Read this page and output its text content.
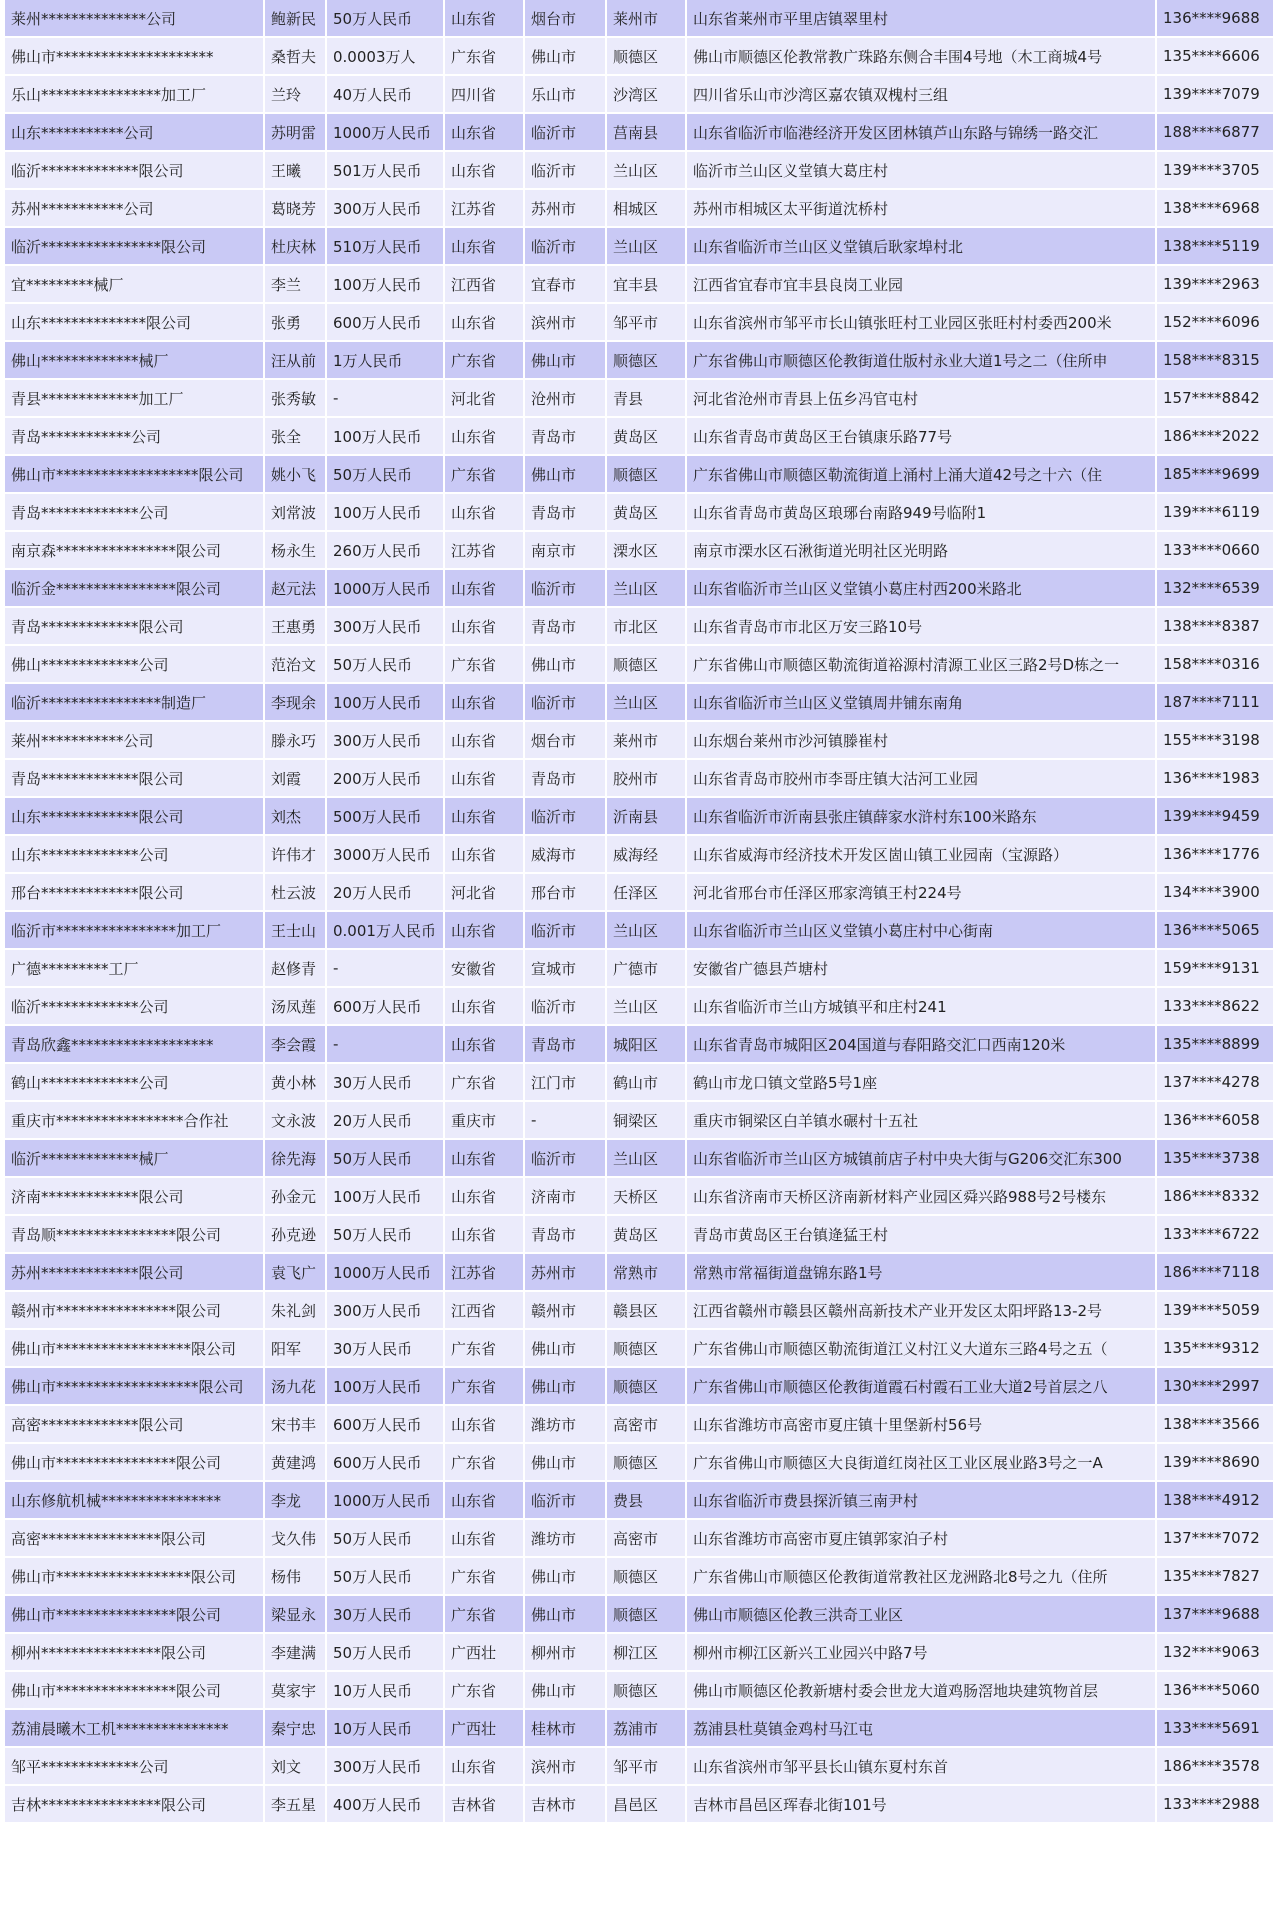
莱州**************公司	鲍新民	50万人民币	山东省	烟台市	莱州市	山东省莱州市平里店镇翠里村	136****9688
佛山市*********************	桑哲夫	0.0003万人	广东省	佛山市	顺德区	佛山市顺德区伦教常教广珠路东侧合丰围4号地（木工商城4号	135****6606
乐山****************加工厂	兰玲	40万人民币	四川省	乐山市	沙湾区	四川省乐山市沙湾区嘉农镇双槐村三组	139****7079
山东***********公司	苏明雷	1000万人民币	山东省	临沂市	莒南县	山东省临沂市临港经济开发区团林镇芦山东路与锦绣一路交汇	188****6877
临沂*************限公司	王曦	501万人民币	山东省	临沂市	兰山区	临沂市兰山区义堂镇大葛庄村	139****3705
苏州***********公司	葛晓芳	300万人民币	江苏省	苏州市	相城区	苏州市相城区太平街道沈桥村	138****6968
临沂****************限公司	杜庆林	510万人民币	山东省	临沂市	兰山区	山东省临沂市兰山区义堂镇后耿家埠村北	138****5119
宜*********械厂	李兰	100万人民币	江西省	宜春市	宜丰县	江西省宜春市宜丰县良岗工业园	139****2963
山东**************限公司	张勇	600万人民币	山东省	滨州市	邹平市	山东省滨州市邹平市长山镇张旺村工业园区张旺村村委西200米	152****6096
佛山*************械厂	汪从前	1万人民币	广东省	佛山市	顺德区	广东省佛山市顺德区伦教街道仕版村永业大道1号之二（住所申	158****8315
青县*************加工厂	张秀敏	-	河北省	沧州市	青县	河北省沧州市青县上伍乡冯官屯村	157****8842
青岛************公司	张全	100万人民币	山东省	青岛市	黄岛区	山东省青岛市黄岛区王台镇康乐路77号	186****2022
佛山市*******************限公司	姚小飞	50万人民币	广东省	佛山市	顺德区	广东省佛山市顺德区勒流街道上涌村上涌大道42号之十六（住	185****9699
青岛*************公司	刘常波	100万人民币	山东省	青岛市	黄岛区	山东省青岛市黄岛区琅琊台南路949号临附1	139****6119
南京森****************限公司	杨永生	260万人民币	江苏省	南京市	溧水区	南京市溧水区石湫街道光明社区光明路	133****0660
临沂金****************限公司	赵元法	1000万人民币	山东省	临沂市	兰山区	山东省临沂市兰山区义堂镇小葛庄村西200米路北	132****6539
青岛*************限公司	王惠勇	300万人民币	山东省	青岛市	市北区	山东省青岛市市北区万安三路10号	138****8387
佛山*************公司	范治文	50万人民币	广东省	佛山市	顺德区	广东省佛山市顺德区勒流街道裕源村清源工业区三路2号D栋之一	158****0316
临沂****************制造厂	李现余	100万人民币	山东省	临沂市	兰山区	山东省临沂市兰山区义堂镇周井铺东南角	187****7111
莱州***********公司	滕永巧	300万人民币	山东省	烟台市	莱州市	山东烟台莱州市沙河镇滕崔村	155****3198
青岛*************限公司	刘霞	200万人民币	山东省	青岛市	胶州市	山东省青岛市胶州市李哥庄镇大沽河工业园	136****1983
山东*************限公司	刘杰	500万人民币	山东省	临沂市	沂南县	山东省临沂市沂南县张庄镇薛家水浒村东100米路东	139****9459
山东*************公司	许伟才	3000万人民币	山东省	威海市	威海经	山东省威海市经济技术开发区崮山镇工业园南（宝源路）	136****1776
邢台*************限公司	杜云波	20万人民币	河北省	邢台市	任泽区	河北省邢台市任泽区邢家湾镇王村224号	134****3900
临沂市****************加工厂	王士山	0.001万人民币	山东省	临沂市	兰山区	山东省临沂市兰山区义堂镇小葛庄村中心街南	136****5065
广德*********工厂	赵修青	-	安徽省	宣城市	广德市	安徽省广德县芦塘村	159****9131
临沂*************公司	汤凤莲	600万人民币	山东省	临沂市	兰山区	山东省临沂市兰山方城镇平和庄村241	133****8622
青岛欣鑫*******************	李会霞	-	山东省	青岛市	城阳区	山东省青岛市城阳区204国道与春阳路交汇口西南120米	135****8899
鹤山*************公司	黄小林	30万人民币	广东省	江门市	鹤山市	鹤山市龙口镇文堂路5号1座	137****4278
重庆市*****************合作社	文永波	20万人民币	重庆市	-	铜梁区	重庆市铜梁区白羊镇水碾村十五社	136****6058
临沂*************械厂	徐先海	50万人民币	山东省	临沂市	兰山区	山东省临沂市兰山区方城镇前店子村中央大街与G206交汇东300	135****3738
济南*************限公司	孙金元	100万人民币	山东省	济南市	天桥区	山东省济南市天桥区济南新材料产业园区舜兴路988号2号楼东	186****8332
青岛顺****************限公司	孙克逊	50万人民币	山东省	青岛市	黄岛区	青岛市黄岛区王台镇逄猛王村	133****6722
苏州*************限公司	袁飞广	1000万人民币	江苏省	苏州市	常熟市	常熟市常福街道盘锦东路1号	186****7118
赣州市****************限公司	朱礼剑	300万人民币	江西省	赣州市	赣县区	江西省赣州市赣县区赣州高新技术产业开发区太阳坪路13-2号	139****5059
佛山市******************限公司	阳军	30万人民币	广东省	佛山市	顺德区	广东省佛山市顺德区勒流街道江义村江义大道东三路4号之五（	135****9312
佛山市*******************限公司	汤九花	100万人民币	广东省	佛山市	顺德区	广东省佛山市顺德区伦教街道霞石村霞石工业大道2号首层之八	130****2997
高密*************限公司	宋书丰	600万人民币	山东省	潍坊市	高密市	山东省潍坊市高密市夏庄镇十里堡新村56号	138****3566
佛山市****************限公司	黄建鸿	600万人民币	广东省	佛山市	顺德区	广东省佛山市顺德区大良街道红岗社区工业区展业路3号之一A	139****8690
山东修航机械****************	李龙	1000万人民币	山东省	临沂市	费县	山东省临沂市费县探沂镇三南尹村	138****4912
高密****************限公司	戈久伟	50万人民币	山东省	潍坊市	高密市	山东省潍坊市高密市夏庄镇郭家泊子村	137****7072
佛山市******************限公司	杨伟	50万人民币	广东省	佛山市	顺德区	广东省佛山市顺德区伦教街道常教社区龙洲路北8号之九（住所	135****7827
佛山市****************限公司	梁显永	30万人民币	广东省	佛山市	顺德区	佛山市顺德区伦教三洪奇工业区	137****9688
柳州****************限公司	李建满	50万人民币	广西壮	柳州市	柳江区	柳州市柳江区新兴工业园兴中路7号	132****9063
佛山市****************限公司	莫家宇	10万人民币	广东省	佛山市	顺德区	佛山市顺德区伦教新塘村委会世龙大道鸡肠滘地块建筑物首层	136****5060
荔浦晨曦木工机***************	秦宁忠	10万人民币	广西壮	桂林市	荔浦市	荔浦县杜莫镇金鸡村马江屯	133****5691
邹平*************公司	刘文	300万人民币	山东省	滨州市	邹平市	山东省滨州市邹平县长山镇东夏村东首	186****3578
吉林****************限公司	李五星	400万人民币	吉林省	吉林市	昌邑区	吉林市昌邑区珲春北街101号	133****2988
